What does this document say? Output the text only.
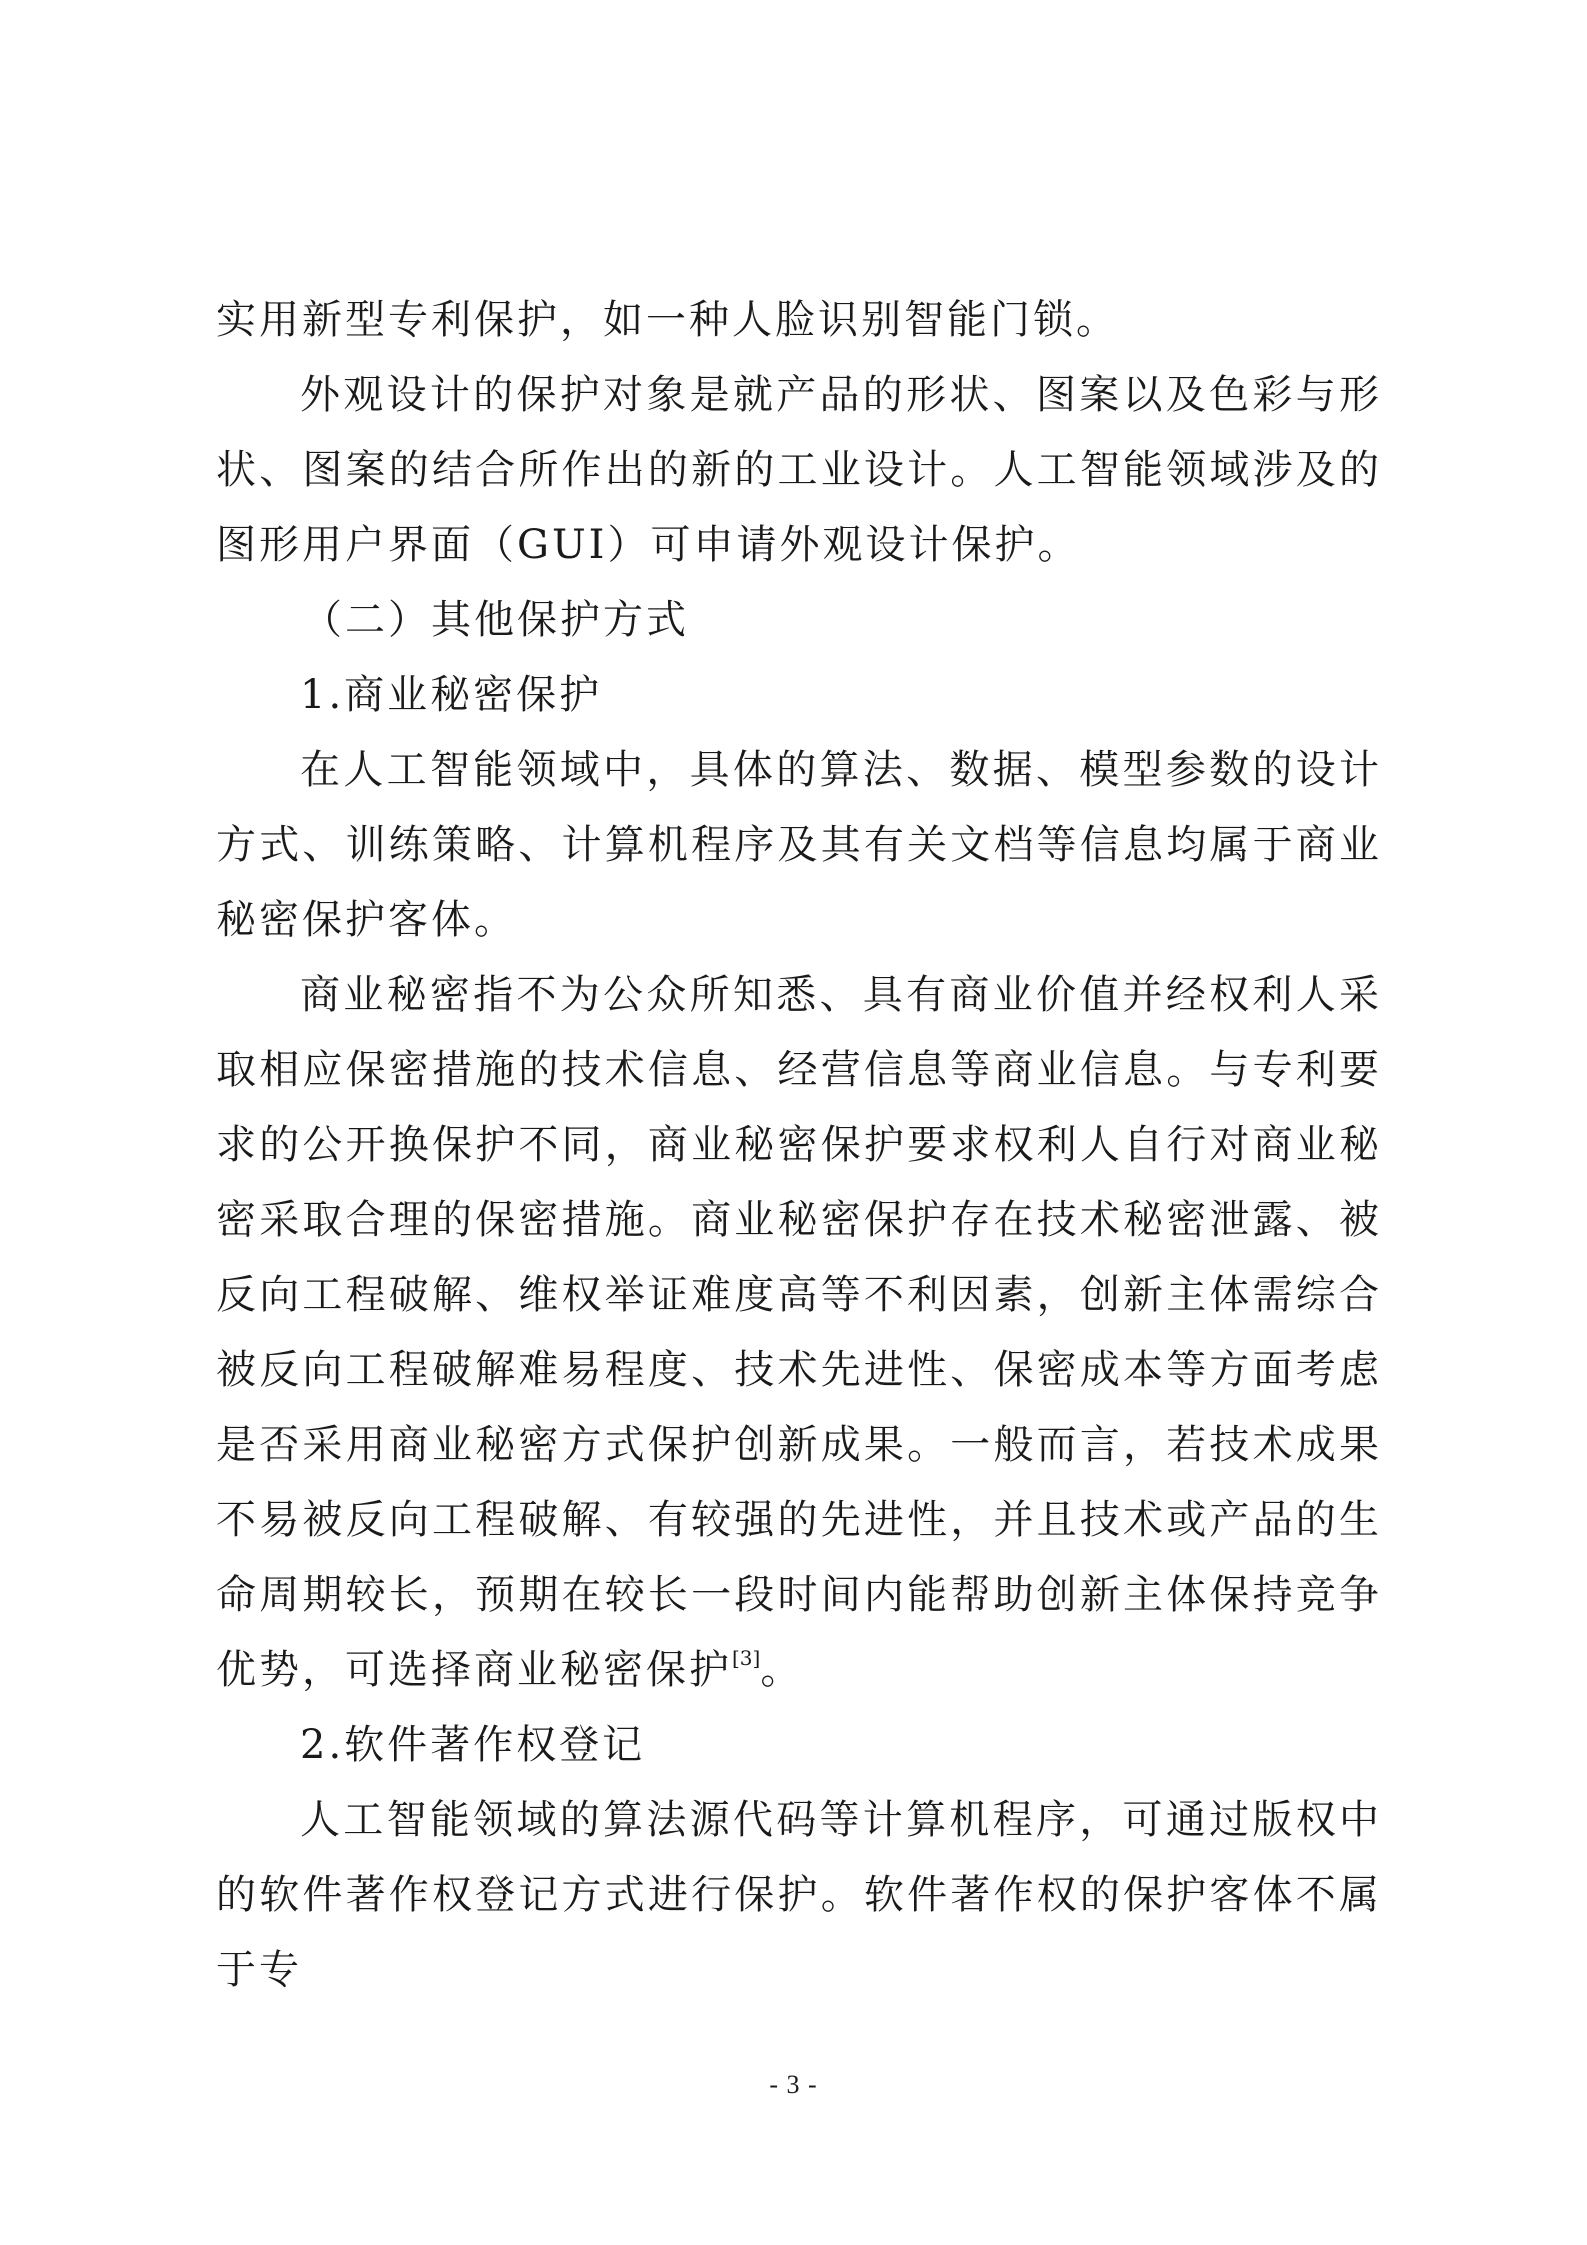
实用新型专利保护，如一种人脸识别智能门锁。

外观设计的保护对象是就产品的形状、图案以及色彩与形状、图案的结合所作出的新的工业设计。人工智能领域涉及的图形用户界面（GUI）可申请外观设计保护。

（二）其他保护方式

1.商业秘密保护

在人工智能领域中，具体的算法、数据、模型参数的设计方式、训练策略、计算机程序及其有关文档等信息均属于商业秘密保护客体。

商业秘密指不为公众所知悉、具有商业价值并经权利人采取相应保密措施的技术信息、经营信息等商业信息。与专利要求的公开换保护不同，商业秘密保护要求权利人自行对商业秘密采取合理的保密措施。商业秘密保护存在技术秘密泄露、被反向工程破解、维权举证难度高等不利因素，创新主体需综合被反向工程破解难易程度、技术先进性、保密成本等方面考虑是否采用商业秘密方式保护创新成果。一般而言，若技术成果不易被反向工程破解、有较强的先进性，并且技术或产品的生命周期较长，预期在较长一段时间内能帮助创新主体保持竞争优势，可选择商业秘密保护[3]。

2.软件著作权登记

人工智能领域的算法源代码等计算机程序，可通过版权中的软件著作权登记方式进行保护。软件著作权的保护客体不属于专

- 3 -
